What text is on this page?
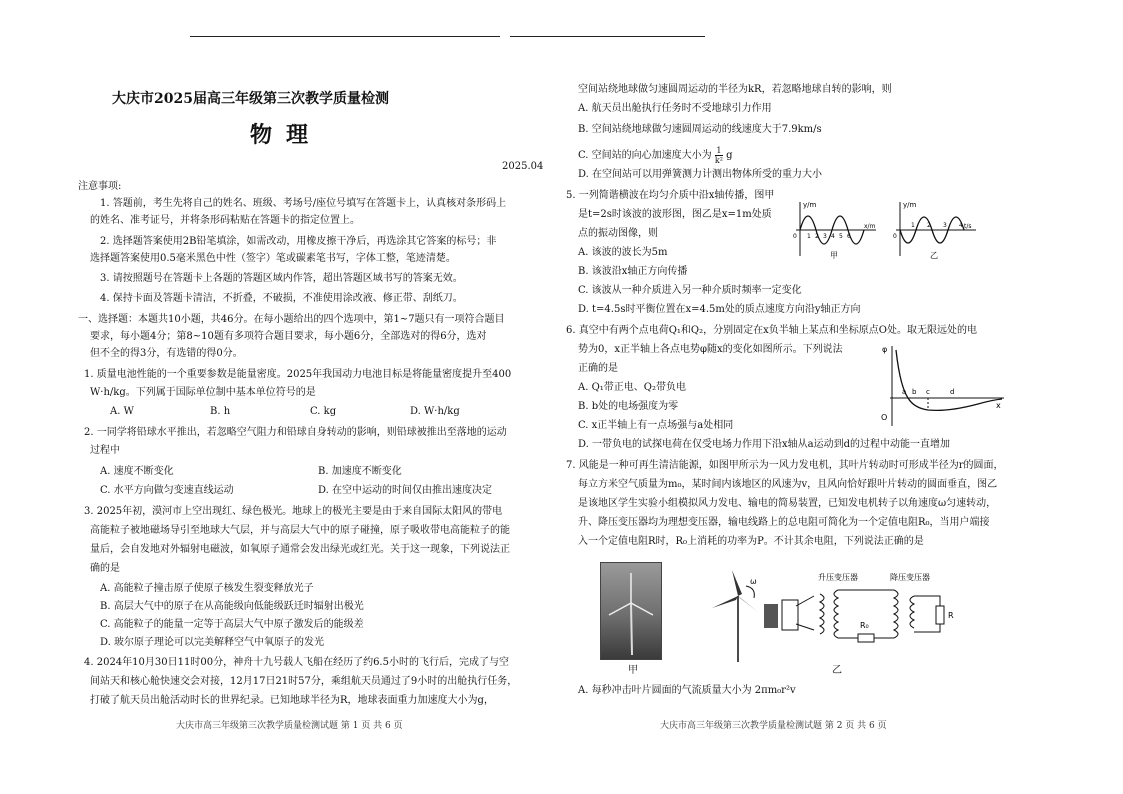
大庆市2025届高三年级第三次教学质量检测
物理
2025.04
注意事项:
1. 答题前，考生先将自己的姓名、班级、考场号/座位号填写在答题卡上，认真核对条形码上
的姓名、准考证号，并将条形码粘贴在答题卡的指定位置上。
2. 选择题答案使用2B铅笔填涂，如需改动，用橡皮擦干净后，再选涂其它答案的标号；非
选择题答案使用0.5毫米黑色中性（签字）笔或碳素笔书写，字体工整，笔迹清楚。
3. 请按照题号在答题卡上各题的答题区域内作答，超出答题区域书写的答案无效。
4. 保持卡面及答题卡清洁，不折叠，不破损，不准使用涂改液、修正带、刮纸刀。
一、选择题：本题共10小题，共46分。在每小题给出的四个选项中，第1~7题只有一项符合题目
要求，每小题4分；第8~10题有多项符合题目要求，每小题6分，全部选对的得6分，选对
但不全的得3分，有选错的得0分。
1. 质量电池性能的一个重要参数是能量密度。2025年我国动力电池目标是将能量密度提升至400
W·h/kg。下列属于国际单位制中基本单位符号的是
A. W	B. h	C. kg	D. W·h/kg
2. 一同学将铅球水平推出，若忽略空气阻力和铅球自身转动的影响，则铅球被推出至落地的运动
过程中
A. 速度不断变化	B. 加速度不断变化
C. 水平方向做匀变速直线运动	D. 在空中运动的时间仅由推出速度决定
3. 2025年初，漠河市上空出现红、绿色极光。地球上的极光主要是由于来自国际太阳风的带电
高能粒子被地磁场导引至地球大气层，并与高层大气中的原子碰撞，原子吸收带电高能粒子的能
量后，会自发地对外辐射电磁波，如氧原子通常会发出绿光或红光。关于这一现象，下列说法正
确的是
A. 高能粒子撞击原子使原子核发生裂变释放光子
B. 高层大气中的原子在从高能级向低能级跃迁时辐射出极光
C. 高能粒子的能量一定等于高层大气中原子激发后的能级差
D. 玻尔原子理论可以完美解释空气中氧原子的发光
4. 2024年10月30日11时00分，神舟十九号载人飞船在经历了约6.5小时的飞行后，完成了与空
间站天和核心舱快速交会对接，12月17日21时57分，乘组航天员通过了9小时的出舱执行任务，
打破了航天员出舱活动时长的世界纪录。已知地球半径为R，地球表面重力加速度大小为g，
大庆市高三年级第三次教学质量检测试题 第 1 页 共 6 页
空间站绕地球做匀速圆周运动的半径为kR，若忽略地球自转的影响，则
A. 航天员出舱执行任务时不受地球引力作用
B. 空间站绕地球做匀速圆周运动的线速度大于7.9km/s
C. 空间站的向心加速度大小为 $\frac{1}{\text{k²}}$ g
D. 在空间站可以用弹簧测力计测出物体所受的重力大小
5. 一列简谐横波在均匀介质中沿x轴传播，图甲
是t=2s时该波的波形图，图乙是x=1m处质
点的振动图像，则
A. 该波的波长为5m
B. 该波沿x轴正方向传播
C. 该波从一种介质进入另一种介质时频率一定变化
D. t=4.5s时平衡位置在x=4.5m处的质点速度方向沿y轴正方向
y/m
x/m
0 1 2 3 4 5 6
甲
y/m
t/s
0
1 2 3 4
乙
6. 真空中有两个点电荷Q₁和Q₂，分别固定在x负半轴上某点和坐标原点O处。取无限远处的电
势为0，x正半轴上各点电势φ随x的变化如图所示。下列说法
正确的是
A. Q₁带正电、Q₂带负电
B. b处的电场强度为零
C. x正半轴上有一点场强与a处相同
D. 一带负电的试探电荷在仅受电场力作用下沿x轴从a运动到d的过程中动能一直增加
φ
O
x
a b c	d
7. 风能是一种可再生清洁能源，如图甲所示为一风力发电机，其叶片转动时可形成半径为r的圆面，
每立方米空气质量为m₀，某时间内该地区的风速为v，且风向恰好跟叶片转动的圆面垂直，图乙
是该地区学生实验小组模拟风力发电、输电的简易装置，已知发电机转子以角速度ω匀速转动，
升、降压变压器均为理想变压器，输电线路上的总电阻可简化为一个定值电阻R₀，当用户端接
入一个定值电阻R时，R₀上消耗的功率为P。不计其余电阻，下列说法正确的是
甲
ω	升压变压器	降压变压器
R₀
R
乙
A. 每秒冲击叶片圆面的气流质量大小为 2πm₀r²v
大庆市高三年级第三次教学质量检测试题 第 2 页 共 6 页
